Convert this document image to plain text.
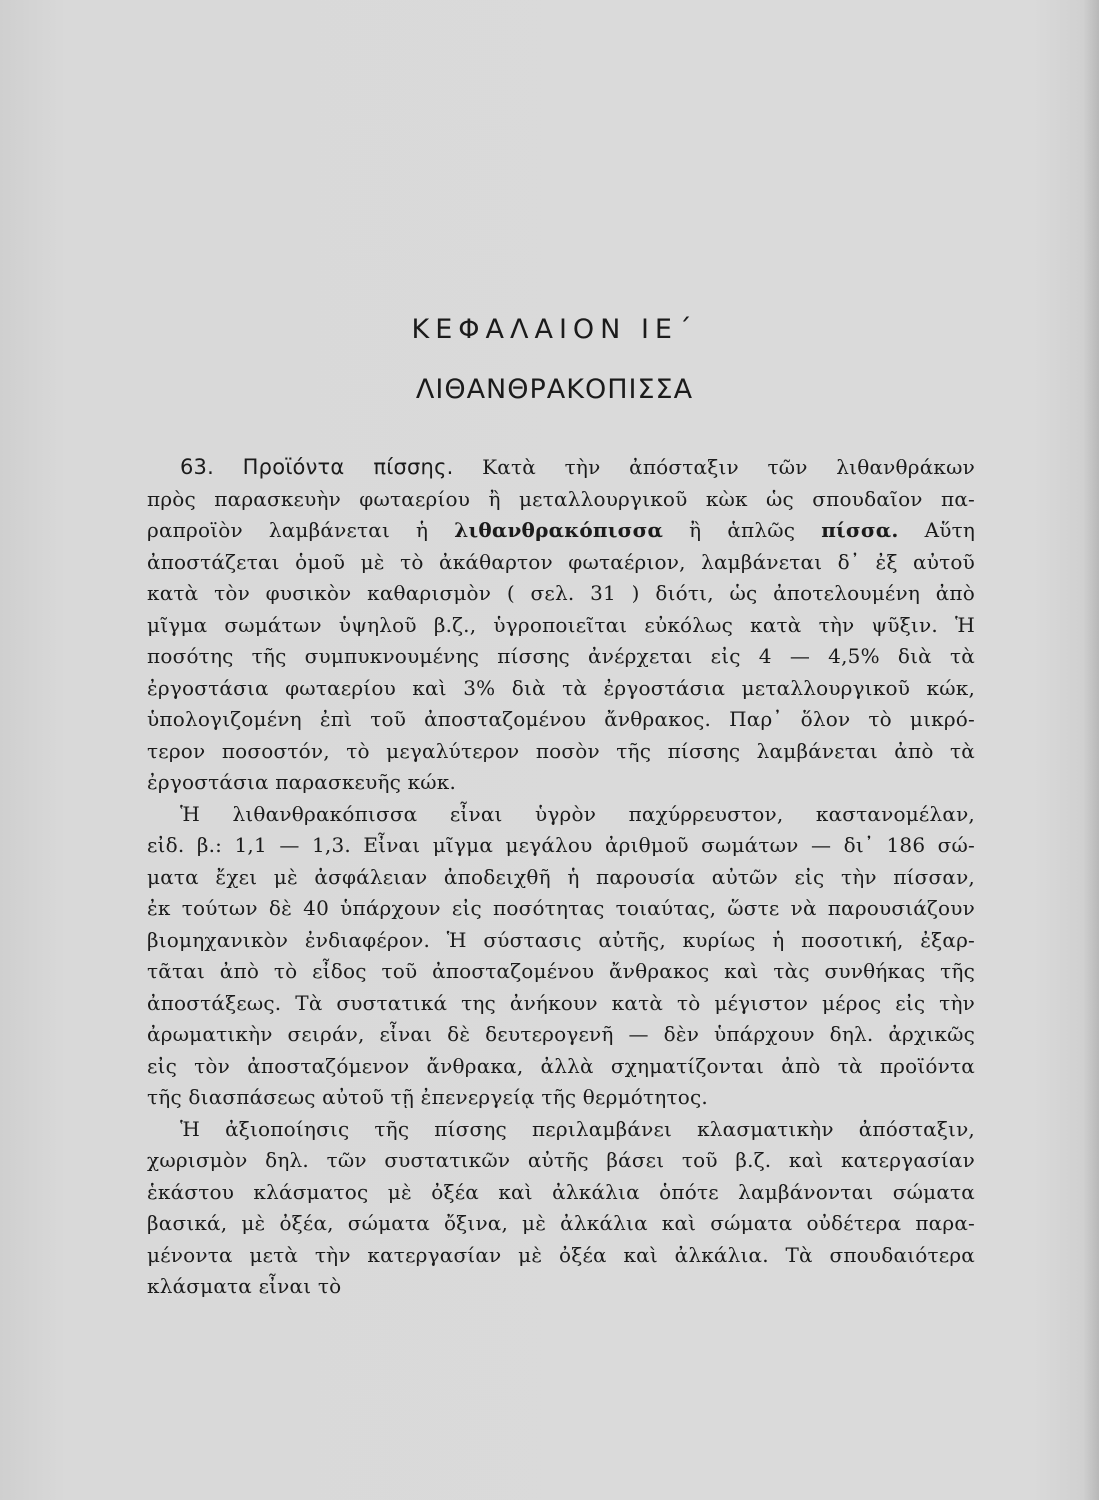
ΚΕΦΑΛΑΙΟΝ ΙΕ΄
ΛΙΘΑΝΘΡΑΚΟΠΙΣΣΑ
63. Προϊόντα πίσσης. Κατὰ τὴν ἀπόσταξιν τῶν λιθανθράκων
πρὸς παρασκευὴν φωταερίου ἢ μεταλλουργικοῦ κὼκ ὡς σπουδαῖον πα-
ραπροϊὸν λαμβάνεται ἡ λιθανθρακόπισσα ἢ ἁπλῶς πίσσα. Αὕτη
ἀποστάζεται ὁμοῦ μὲ τὸ ἀκάθαρτον φωταέριον, λαμβάνεται δ᾿ ἐξ αὐτοῦ
κατὰ τὸν φυσικὸν καθαρισμὸν ( σελ. 31 ) διότι, ὡς ἀποτελουμένη ἀπὸ
μῖγμα σωμάτων ὑψηλοῦ β.ζ., ὑγροποιεῖται εὐκόλως κατὰ τὴν ψῦξιν. Ἡ
ποσότης τῆς συμπυκνουμένης πίσσης ἀνέρχεται εἰς 4 — 4,5% διὰ τὰ
ἐργοστάσια φωταερίου καὶ 3% διὰ τὰ ἐργοστάσια μεταλλουργικοῦ κώκ,
ὑπολογιζομένη ἐπὶ τοῦ ἀποσταζομένου ἄνθρακος. Παρ᾿ ὅλον τὸ μικρό-
τερον ποσοστόν, τὸ μεγαλύτερον ποσὸν τῆς πίσσης λαμβάνεται ἀπὸ τὰ
ἐργοστάσια παρασκευῆς κώκ.
Ἡ λιθανθρακόπισσα εἶναι ὑγρὸν παχύρρευστον, καστανομέλαν,
εἰδ. β.: 1,1 — 1,3. Εἶναι μῖγμα μεγάλου ἀριθμοῦ σωμάτων — δι᾿ 186 σώ-
ματα ἔχει μὲ ἀσφάλειαν ἀποδειχθῆ ἡ παρουσία αὐτῶν εἰς τὴν πίσσαν,
ἐκ τούτων δὲ 40 ὑπάρχουν εἰς ποσότητας τοιαύτας, ὥστε νὰ παρουσιάζουν
βιομηχανικὸν ἐνδιαφέρον. Ἡ σύστασις αὐτῆς, κυρίως ἡ ποσοτική, ἐξαρ-
τᾶται ἀπὸ τὸ εἶδος τοῦ ἀποσταζομένου ἄνθρακος καὶ τὰς συνθήκας τῆς
ἀποστάξεως. Τὰ συστατικά της ἀνήκουν κατὰ τὸ μέγιστον μέρος εἰς τὴν
ἀρωματικὴν σειράν, εἶναι δὲ δευτερογενῆ — δὲν ὑπάρχουν δηλ. ἀρχικῶς
εἰς τὸν ἀποσταζόμενον ἄνθρακα, ἀλλὰ σχηματίζονται ἀπὸ τὰ προϊόντα
τῆς διασπάσεως αὐτοῦ τῇ ἐπενεργείᾳ τῆς θερμότητος.
Ἡ ἀξιοποίησις τῆς πίσσης περιλαμβάνει κλασματικὴν ἀπόσταξιν,
χωρισμὸν δηλ. τῶν συστατικῶν αὐτῆς βάσει τοῦ β.ζ. καὶ κατεργασίαν
ἑκάστου κλάσματος μὲ ὀξέα καὶ ἀλκάλια ὁπότε λαμβάνονται σώματα
βασικά, μὲ ὀξέα, σώματα ὄξινα, μὲ ἀλκάλια καὶ σώματα οὐδέτερα παρα-
μένοντα μετὰ τὴν κατεργασίαν μὲ ὀξέα καὶ ἀλκάλια. Τὰ σπουδαιότερα
κλάσματα εἶναι τὸ
